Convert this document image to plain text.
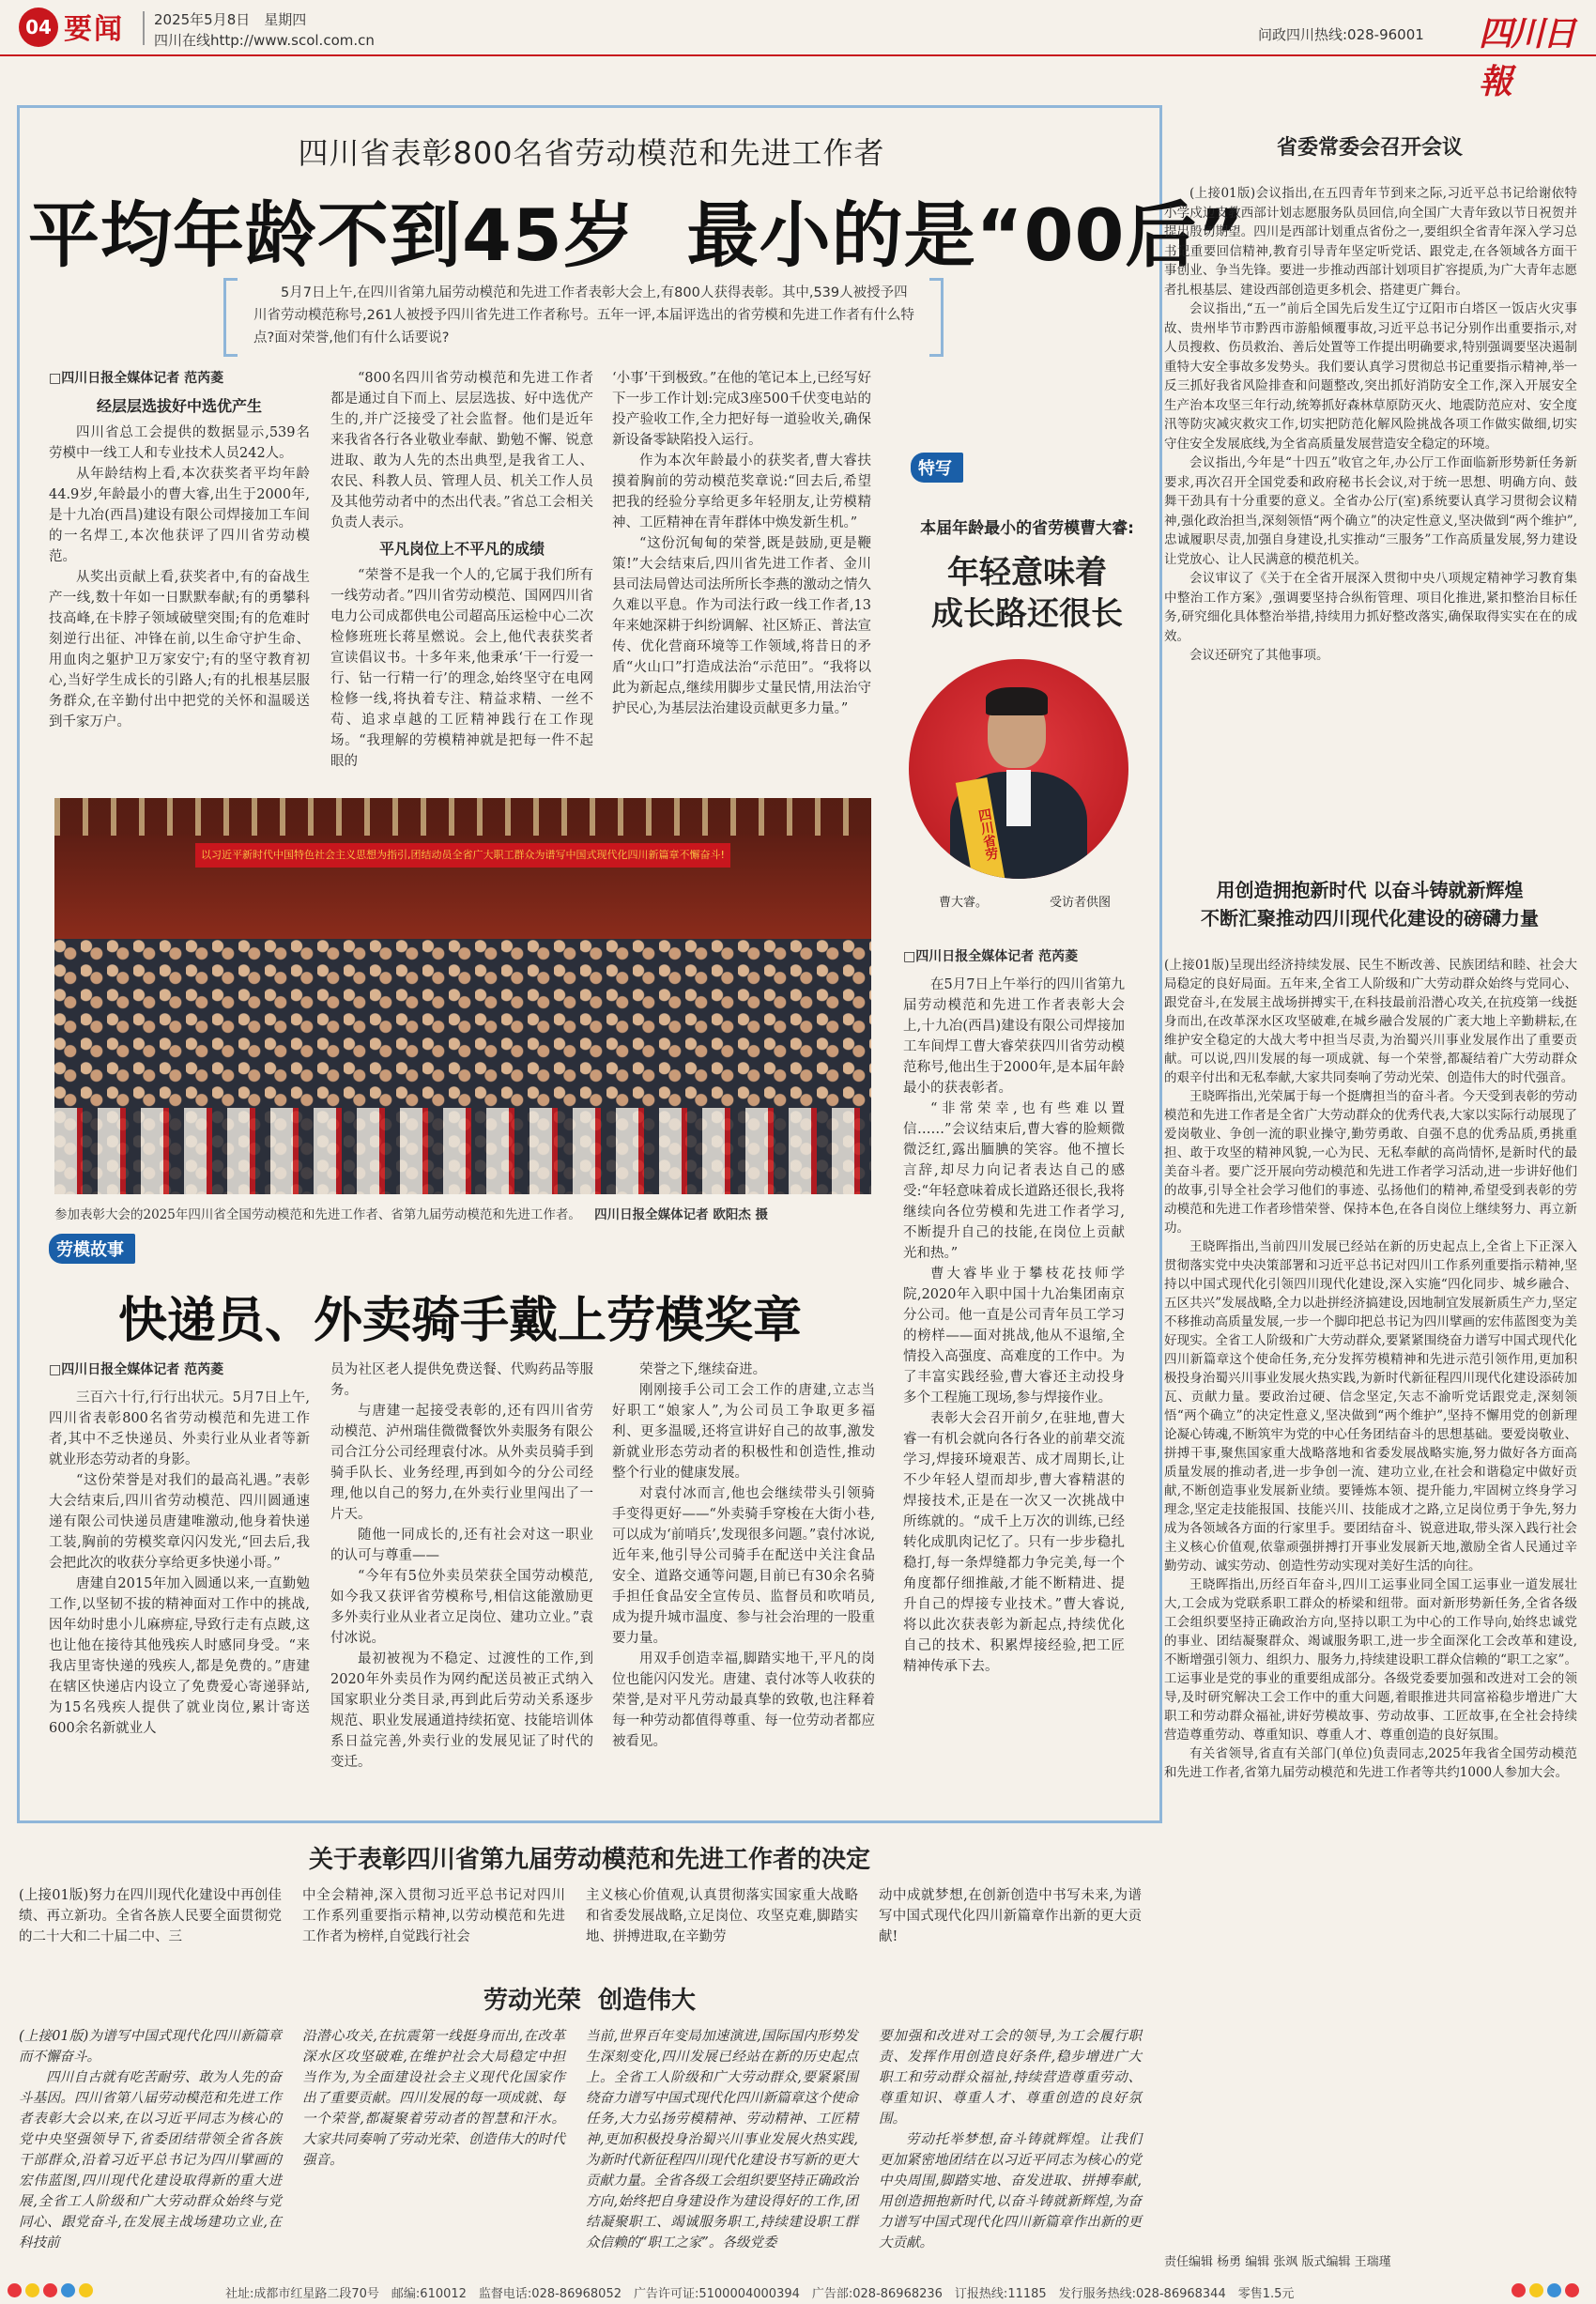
04 要闻 2025年5月8日　星期四
四川在线http://www.scol.com.cn	问政四川热线:028-96001 四川日報
四川省表彰800名省劳动模范和先进工作者
平均年龄不到45岁  最小的是“00后”
5月7日上午,在四川省第九届劳动模范和先进工作者表彰大会上,有800人获得表彰。其中,539人被授予四川省劳动模范称号,261人被授予四川省先进工作者称号。五年一评,本届评选出的省劳模和先进工作者有什么特点?面对荣誉,他们有什么话要说?
□四川日报全媒体记者 范芮菱
经层层选拔好中选优产生

四川省总工会提供的数据显示,539名劳模中一线工人和专业技术人员242人。

从年龄结构上看,本次获奖者平均年龄44.9岁,年龄最小的曹大睿,出生于2000年,是十九冶(西昌)建设有限公司焊接加工车间的一名焊工,本次他获评了四川省劳动模范。

从奖出贡献上看,获奖者中,有的奋战生产一线,数十年如一日默默奉献;有的勇攀科技高峰,在卡脖子领域破壁突围;有的危难时刻逆行出征、冲锋在前,以生命守护生命、用血肉之躯护卫万家安宁;有的坚守教育初心,当好学生成长的引路人;有的扎根基层服务群众,在辛勤付出中把党的关怀和温暖送到千家万户。

“800名四川省劳动模范和先进工作者都是通过自下而上、层层选拔、好中选优产生的,并广泛接受了社会监督。他们是近年来我省各行各业敬业奉献、勤勉不懈、锐意进取、敢为人先的杰出典型,是我省工人、农民、科教人员、管理人员、机关工作人员及其他劳动者中的杰出代表。”省总工会相关负责人表示。

平凡岗位上不平凡的成绩

“荣誉不是我一个人的,它属于我们所有一线劳动者。”四川省劳动模范、国网四川省电力公司成都供电公司超高压运检中心二次检修班班长蒋星燃说。会上,他代表获奖者宣读倡议书。十多年来,他秉承‘干一行爱一行、钻一行精一行’的理念,始终坚守在电网检修一线,将执着专注、精益求精、一丝不苟、追求卓越的工匠精神践行在工作现场。“我理解的劳模精神就是把每一件不起眼的

‘小事’干到极致。”在他的笔记本上,已经写好下一步工作计划:完成3座500千伏变电站的投产验收工作,全力把好每一道验收关,确保新设备零缺陷投入运行。

作为本次年龄最小的获奖者,曹大睿扶摸着胸前的劳动模范奖章说:“回去后,希望把我的经验分享给更多年轻朋友,让劳模精神、工匠精神在青年群体中焕发新生机。”

“这份沉甸甸的荣誉,既是鼓励,更是鞭策!”大会结束后,四川省先进工作者、金川县司法局曾达司法所所长李燕的激动之情久久难以平息。作为司法行政一线工作者,13年来她深耕于纠纷调解、社区矫正、普法宣传、优化营商环境等工作领域,将昔日的矛盾“火山口”打造成法治“示范田”。“我将以此为新起点,继续用脚步丈量民情,用法治守护民心,为基层法治建设贡献更多力量。”

以习近平新时代中国特色社会主义思想为指引,团结动员全省广大职工群众为谱写中国式现代化四川新篇章不懈奋斗!
参加表彰大会的2025年四川省全国劳动模范和先进工作者、省第九届劳动模范和先进工作者。 四川日报全媒体记者 欧阳杰 摄
特写
本届年龄最小的省劳模曹大睿:
年轻意味着
成长路还很长
四川省劳
曹大睿。	受访者供图
□四川日报全媒体记者 范芮菱

在5月7日上午举行的四川省第九届劳动模范和先进工作者表彰大会上,十九冶(西昌)建设有限公司焊接加工车间焊工曹大睿荣获四川省劳动模范称号,他出生于2000年,是本届年龄最小的获表彰者。

“非常荣幸,也有些难以置信……”会议结束后,曹大睿的脸颊微微泛红,露出腼腆的笑容。他不擅长言辞,却尽力向记者表达自己的感受:“年轻意味着成长道路还很长,我将继续向各位劳模和先进工作者学习,不断提升自己的技能,在岗位上贡献光和热。”

曹大睿毕业于攀枝花技师学院,2020年入职中国十九冶集团南京分公司。他一直是公司青年员工学习的榜样——面对挑战,他从不退缩,全情投入高强度、高难度的工作中。为了丰富实践经验,曹大睿还主动投身多个工程施工现场,参与焊接作业。

表彰大会召开前夕,在驻地,曹大睿一有机会就向各行各业的前辈交流学习,焊接环境艰苦、成才周期长,让不少年轻人望而却步,曹大睿精湛的焊接技术,正是在一次又一次挑战中所练就的。“成千上万次的训练,已经转化成肌肉记忆了。只有一步步稳扎稳打,每一条焊缝都力争完美,每一个角度都仔细推敲,才能不断精进、提升自己的焊接专业技术。”曹大睿说,将以此次获表彰为新起点,持续优化自己的技术、积累焊接经验,把工匠精神传承下去。

劳模故事
快递员、外卖骑手戴上劳模奖章
□四川日报全媒体记者 范芮菱

三百六十行,行行出状元。5月7日上午,四川省表彰800名省劳动模范和先进工作者,其中不乏快递员、外卖行业从业者等新就业形态劳动者的身影。

“这份荣誉是对我们的最高礼遇。”表彰大会结束后,四川省劳动模范、四川圆通速递有限公司快递员唐建唯激动,他身着快递工装,胸前的劳模奖章闪闪发光,“回去后,我会把此次的收获分享给更多快递小哥。”

唐建自2015年加入圆通以来,一直勤勉工作,以坚韧不拔的精神面对工作中的挑战,因年幼时患小儿麻痹症,导致行走有点跛,这也让他在接待其他残疾人时感同身受。“来我店里寄快递的残疾人,都是免费的。”唐建在辖区快递店内设立了免费爱心寄递驿站,为15名残疾人提供了就业岗位,累计寄送600余名新就业人

员为社区老人提供免费送餐、代购药品等服务。

与唐建一起接受表彰的,还有四川省劳动模范、泸州瑞佳微微餐饮外卖服务有限公司合江分公司经理袁付冰。从外卖员骑手到骑手队长、业务经理,再到如今的分公司经理,他以自己的努力,在外卖行业里闯出了一片天。

随他一同成长的,还有社会对这一职业的认可与尊重——

“今年有5位外卖员荣获全国劳动模范,如今我又获评省劳模称号,相信这能激励更多外卖行业从业者立足岗位、建功立业。”袁付冰说。

最初被视为不稳定、过渡性的工作,到2020年外卖员作为网约配送员被正式纳入国家职业分类目录,再到此后劳动关系逐步规范、职业发展通道持续拓宽、技能培训体系日益完善,外卖行业的发展见证了时代的变迁。

荣誉之下,继续奋进。

刚刚接手公司工会工作的唐建,立志当好职工“娘家人”,为公司员工争取更多福利、更多温暖,还将宣讲好自己的故事,激发新就业形态劳动者的积极性和创造性,推动整个行业的健康发展。

对袁付冰而言,他也会继续带头引领骑手变得更好——“外卖骑手穿梭在大街小巷,可以成为‘前哨兵’,发现很多问题。”袁付冰说,近年来,他引导公司骑手在配送中关注食品安全、道路交通等问题,目前已有30余名骑手担任食品安全宣传员、监督员和吹哨员,成为提升城市温度、参与社会治理的一股重要力量。

用双手创造幸福,脚踏实地干,平凡的岗位也能闪闪发光。唐建、袁付冰等人收获的荣誉,是对平凡劳动最真挚的致敬,也注释着每一种劳动都值得尊重、每一位劳动者都应被看见。

关于表彰四川省第九届劳动模范和先进工作者的决定

(上接01版)努力在四川现代化建设中再创佳绩、再立新功。全省各族人民要全面贯彻党的二十大和二十届二中、三

中全会精神,深入贯彻习近平总书记对四川工作系列重要指示精神,以劳动模范和先进工作者为榜样,自觉践行社会

主义核心价值观,认真贯彻落实国家重大战略和省委发展战略,立足岗位、攻坚克难,脚踏实地、拼搏进取,在辛勤劳

动中成就梦想,在创新创造中书写未来,为谱写中国式现代化四川新篇章作出新的更大贡献!

劳动光荣  创造伟大

(上接01版)为谱写中国式现代化四川新篇章而不懈奋斗。

四川自古就有吃苦耐劳、敢为人先的奋斗基因。四川省第八届劳动模范和先进工作者表彰大会以来,在以习近平同志为核心的党中央坚强领导下,省委团结带领全省各族干部群众,沿着习近平总书记为四川擘画的宏伟蓝图,四川现代化建设取得新的重大进展,全省工人阶级和广大劳动群众始终与党同心、跟党奋斗,在发展主战场建功立业,在科技前

沿潜心攻关,在抗震第一线挺身而出,在改革深水区攻坚破难,在维护社会大局稳定中担当作为,为全面建设社会主义现代化国家作出了重要贡献。四川发展的每一项成就、每一个荣誉,都凝聚着劳动者的智慧和汗水。大家共同奏响了劳动光荣、创造伟大的时代强音。

当前,世界百年变局加速演进,国际国内形势发生深刻变化,四川发展已经站在新的历史起点上。全省工人阶级和广大劳动群众,要紧紧围绕奋力谱写中国式现代化四川新篇章这个使命任务,大力弘扬劳模精神、劳动精神、工匠精神,更加积极投身治蜀兴川事业发展火热实践,为新时代新征程四川现代化建设书写新的更大贡献力量。全省各级工会组织要坚持正确政治方向,始终把自身建设作为建设得好的工作,团结凝聚职工、竭诚服务职工,持续建设职工群众信赖的“职工之家”。各级党委

要加强和改进对工会的领导,为工会履行职责、发挥作用创造良好条件,稳步增进广大职工和劳动群众福祉,持续营造尊重劳动、尊重知识、尊重人才、尊重创造的良好氛围。

劳动托举梦想,奋斗铸就辉煌。让我们更加紧密地团结在以习近平同志为核心的党中央周围,脚踏实地、奋发进取、拼搏奉献,用创造拥抱新时代,以奋斗铸就新辉煌,为奋力谱写中国式现代化四川新篇章作出新的更大贡献。

省委常委会召开会议

(上接01版)会议指出,在五四青年节到来之际,习近平总书记给谢依特小学戍边支教西部计划志愿服务队员回信,向全国广大青年致以节日祝贺并提出殷切期望。四川是西部计划重点省份之一,要组织全省青年深入学习总书记重要回信精神,教育引导青年坚定听党话、跟党走,在各领域各方面干事创业、争当先锋。要进一步推动西部计划项目扩容提质,为广大青年志愿者扎根基层、建设西部创造更多机会、搭建更广舞台。

会议指出,“五一”前后全国先后发生辽宁辽阳市白塔区一饭店火灾事故、贵州毕节市黔西市游船倾覆事故,习近平总书记分别作出重要指示,对人员搜救、伤员救治、善后处置等工作提出明确要求,特别强调要坚决遏制重特大安全事故多发势头。我们要认真学习贯彻总书记重要指示精神,举一反三抓好我省风险排查和问题整改,突出抓好消防安全工作,深入开展安全生产治本攻坚三年行动,统筹抓好森林草原防灭火、地震防范应对、安全度汛等防灾减灾救灾工作,切实把防范化解风险挑战各项工作做实做细,切实守住安全发展底线,为全省高质量发展营造安全稳定的环境。

会议指出,今年是“十四五”收官之年,办公厅工作面临新形势新任务新要求,再次召开全国党委和政府秘书长会议,对于统一思想、明确方向、鼓舞干劲具有十分重要的意义。全省办公厅(室)系统要认真学习贯彻会议精神,强化政治担当,深刻领悟“两个确立”的决定性意义,坚决做到“两个维护”,忠诚履职尽责,加强自身建设,扎实推动“三服务”工作高质量发展,努力建设让党放心、让人民满意的模范机关。

会议审议了《关于在全省开展深入贯彻中央八项规定精神学习教育集中整治工作方案》,强调要坚持合纵衔管理、项目化推进,紧扣整治目标任务,研究细化具体整治举措,持续用力抓好整改落实,确保取得实实在在的成效。

会议还研究了其他事项。

用创造拥抱新时代 以奋斗铸就新辉煌
不断汇聚推动四川现代化建设的磅礴力量

(上接01版)呈现出经济持续发展、民生不断改善、民族团结和睦、社会大局稳定的良好局面。五年来,全省工人阶级和广大劳动群众始终与党同心、跟党奋斗,在发展主战场拼搏实干,在科技最前沿潜心攻关,在抗疫第一线挺身而出,在改革深水区攻坚破难,在城乡融合发展的广袤大地上辛勤耕耘,在维护安全稳定的大战大考中担当尽责,为治蜀兴川事业发展作出了重要贡献。可以说,四川发展的每一项成就、每一个荣誉,都凝结着广大劳动群众的艰辛付出和无私奉献,大家共同奏响了劳动光荣、创造伟大的时代强音。

王晓晖指出,光荣属于每一个挺膺担当的奋斗者。今天受到表彰的劳动模范和先进工作者是全省广大劳动群众的优秀代表,大家以实际行动展现了爱岗敬业、争创一流的职业操守,勤劳勇敢、自强不息的优秀品质,勇挑重担、敢于攻坚的精神风貌,一心为民、无私奉献的高尚情怀,是新时代的最美奋斗者。要广泛开展向劳动模范和先进工作者学习活动,进一步讲好他们的故事,引导全社会学习他们的事迹、弘扬他们的精神,希望受到表彰的劳动模范和先进工作者珍惜荣誉、保持本色,在各自岗位上继续努力、再立新功。

王晓晖指出,当前四川发展已经站在新的历史起点上,全省上下正深入贯彻落实党中央决策部署和习近平总书记对四川工作系列重要指示精神,坚持以中国式现代化引领四川现代化建设,深入实施“四化同步、城乡融合、五区共兴”发展战略,全力以赴拼经济搞建设,因地制宜发展新质生产力,坚定不移推动高质量发展,一步一个脚印把总书记为四川擘画的宏伟蓝图变为美好现实。全省工人阶级和广大劳动群众,要紧紧围绕奋力谱写中国式现代化四川新篇章这个使命任务,充分发挥劳模精神和先进示范引领作用,更加积极投身治蜀兴川事业发展火热实践,为新时代新征程四川现代化建设添砖加瓦、贡献力量。要政治过硬、信念坚定,矢志不渝听党话跟党走,深刻领悟“两个确立”的决定性意义,坚决做到“两个维护”,坚持不懈用党的创新理论凝心铸魂,不断筑牢为党的中心任务团结奋斗的思想基础。要爱岗敬业、拼搏干事,聚焦国家重大战略落地和省委发展战略实施,努力做好各方面高质量发展的推动者,进一步争创一流、建功立业,在社会和谐稳定中做好贡献,不断创造事业发展新业绩。要锤炼本领、提升能力,牢固树立终身学习理念,坚定走技能报国、技能兴川、技能成才之路,立足岗位勇于争先,努力成为各领域各方面的行家里手。要团结奋斗、锐意进取,带头深入践行社会主义核心价值观,依靠顽强拼搏打开事业发展新天地,激励全省人民通过辛勤劳动、诚实劳动、创造性劳动实现对美好生活的向往。

王晓晖指出,历经百年奋斗,四川工运事业同全国工运事业一道发展壮大,工会成为党联系职工群众的桥梁和纽带。面对新形势新任务,全省各级工会组织要坚持正确政治方向,坚持以职工为中心的工作导向,始终忠诚党的事业、团结凝聚群众、竭诚服务职工,进一步全面深化工会改革和建设,不断增强引领力、组织力、服务力,持续建设职工群众信赖的“职工之家”。工运事业是党的事业的重要组成部分。各级党委要加强和改进对工会的领导,及时研究解决工会工作中的重大问题,着眼推进共同富裕稳步增进广大职工和劳动群众福祉,讲好劳模故事、劳动故事、工匠故事,在全社会持续营造尊重劳动、尊重知识、尊重人才、尊重创造的良好氛围。

有关省领导,省直有关部门(单位)负责同志,2025年我省全国劳动模范和先进工作者,省第九届劳动模范和先进工作者等共约1000人参加大会。

责任编辑 杨勇 编辑 张飒 版式编辑 王瑞瑾
社址:成都市红星路二段70号　邮编:610012　监督电话:028-86968052　广告许可证:5100004000394　广告部:028-86968236　订报热线:11185　发行服务热线:028-86968344　零售1.5元
